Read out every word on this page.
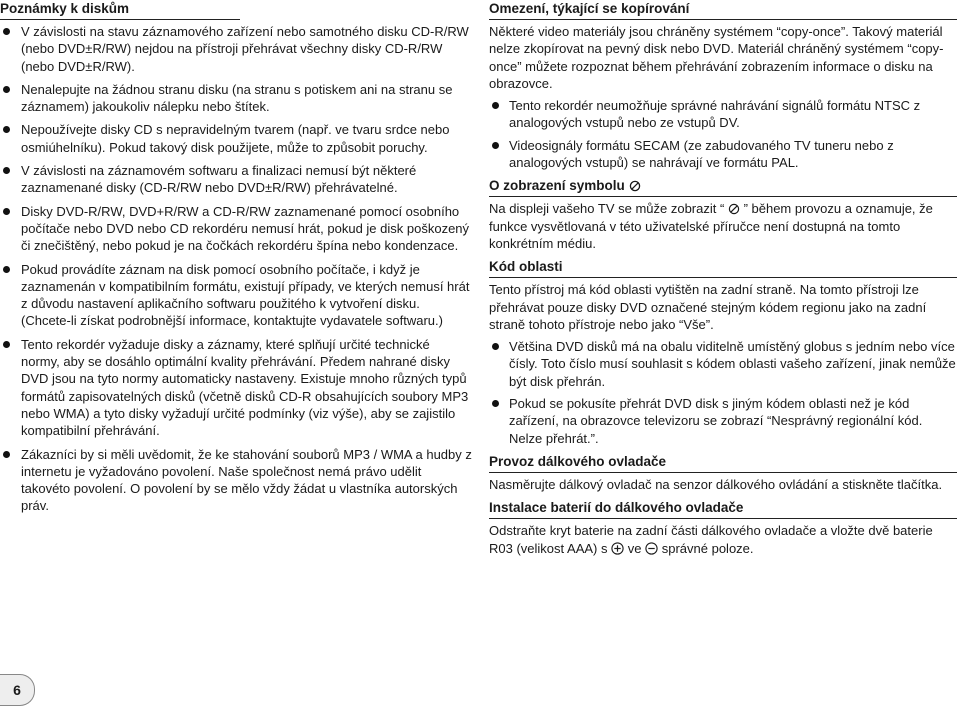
Poznámky k diskům
V závislosti na stavu záznamového zařízení nebo samotného disku CD-R/RW (nebo DVD±R/RW) nejdou na přístroji přehrávat všechny disky CD-R/RW (nebo DVD±R/RW).
Nenalepujte na žádnou stranu disku (na stranu s potiskem ani na stranu se záznamem) jakoukoliv nálepku nebo štítek.
Nepoužívejte disky CD s nepravidelným tvarem (např. ve tvaru srdce nebo osmiúhelníku). Pokud takový disk použijete, může to způsobit poruchy.
V závislosti na záznamovém softwaru a finalizaci nemusí být některé zaznamenané disky (CD-R/RW nebo DVD±R/RW) přehrávatelné.
Disky DVD-R/RW, DVD+R/RW a CD-R/RW zaznamenané pomocí osobního počítače nebo DVD nebo CD rekordéru nemusí hrát, pokud je disk poškozený či znečištěný, nebo pokud je na čočkách rekordéru špína nebo kondenzace.
Pokud provádíte záznam na disk pomocí osobního počítače, i když je zaznamenán v kompatibilním formátu, existují případy, ve kterých nemusí hrát z důvodu nastavení aplikačního softwaru použitého k vytvoření disku. (Chcete-li získat podrobnější informace, kontaktujte vydavatele softwaru.)
Tento rekordér vyžaduje disky a záznamy, které splňují určité technické normy, aby se dosáhlo optimální kvality přehrávání. Předem nahrané disky DVD jsou na tyto normy automaticky nastaveny. Existuje mnoho různých typů formátů zapisovatelných disků (včetně disků CD-R obsahujících soubory MP3 nebo WMA) a tyto disky vyžadují určité podmínky (viz výše), aby se zajistilo kompatibilní přehrávání.
Zákazníci by si měli uvědomit, že ke stahování souborů MP3 / WMA a hudby z internetu je vyžadováno povolení. Naše společnost nemá právo udělit takovéto povolení. O povolení by se mělo vždy žádat u vlastníka autorských práv.
Omezení, týkající se kopírování

Některé video materiály jsou chráněny systémem “copy-once”. Takový materiál nelze zkopírovat na pevný disk nebo DVD. Materiál chráněný systémem “copy-once” můžete rozpoznat během přehrávání zobrazením informace o disku na obrazovce.

Tento rekordér neumožňuje správné nahrávání signálů formátu NTSC z analogových vstupů nebo ze vstupů DV.
Videosignály formátu SECAM (ze zabudovaného TV tuneru nebo z analogových vstupů) se nahrávají ve formátu PAL.
O zobrazení symbolu

Na displeji vašeho TV se může zobrazit “ ” během provozu a oznamuje, že funkce vysvětlovaná v této uživatelské příručce není dostupná na tomto konkrétním médiu.

Kód oblasti

Tento přístroj má kód oblasti vytištěn na zadní straně. Na tomto přístroji lze přehrávat pouze disky DVD označené stejným kódem regionu jako na zadní straně tohoto přístroje nebo jako “Vše”.

Většina DVD disků má na obalu viditelně umístěný globus s jedním nebo více čísly. Toto číslo musí souhlasit s kódem oblasti vašeho zařízení, jinak nemůže být disk přehrán.
Pokud se pokusíte přehrát DVD disk s jiným kódem oblasti než je kód zařízení, na obrazovce televizoru se zobrazí “Nesprávný regionální kód. Nelze přehrát.”.
Provoz dálkového ovladače

Nasměrujte dálkový ovladač na senzor dálkového ovládání a stiskněte tlačítka.

Instalace baterií do dálkového ovladače

Odstraňte kryt baterie na zadní části dálkového ovladače a vložte dvě baterie R03 (velikost AAA) s ve správné poloze.

6
